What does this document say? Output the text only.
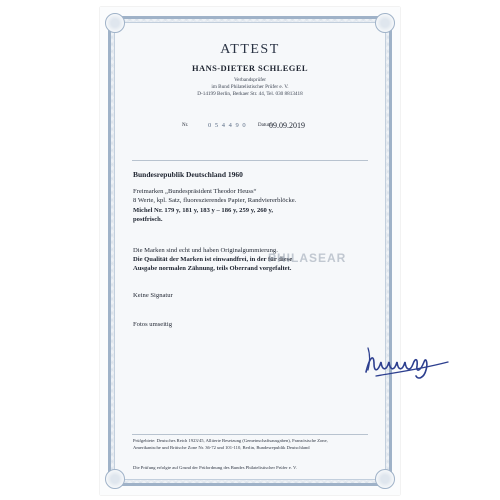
ATTEST
HANS-DIETER SCHLEGEL
Verbandsprüfer
im Bund Philatelistischer Prüfer e. V.
D-14199 Berlin, Berkaer Str. 44, Tel. 030 8813418
Nr.	0 5 4 4 9 0 Datum
09.09.2019
Bundesrepublik Deutschland 1960
Freimarken „Bundespräsident Theodor Heuss“
8 Werte, kpl. Satz, fluoreszierendes Papier, Randviererblöcke.
Michel Nr. 179 y, 181 y, 183 y – 186 y, 259 y, 260 y,
postfrisch.
Die Marken sind echt und haben Originalgummierung.
Die Qualität der Marken ist einwandfrei, in der für diese
Ausgabe normalen Zähnung, teils Oberrand vorgefaltet.
Keine Signatur
Fotos umseitig
PHILASEAR
Prüfgebiete: Deutsches Reich 1923/45, Alliierte Besetzung (Gemeinschaftsausgaben), Französische Zone,
Amerikanische und Britische Zone Nr. 36-72 und 101-110, Berlin, Bundesrepublik Deutschland
Die Prüfung erfolgte auf Grund der Prüfordnung des Bundes Philatelistischer Prüfer e. V.
